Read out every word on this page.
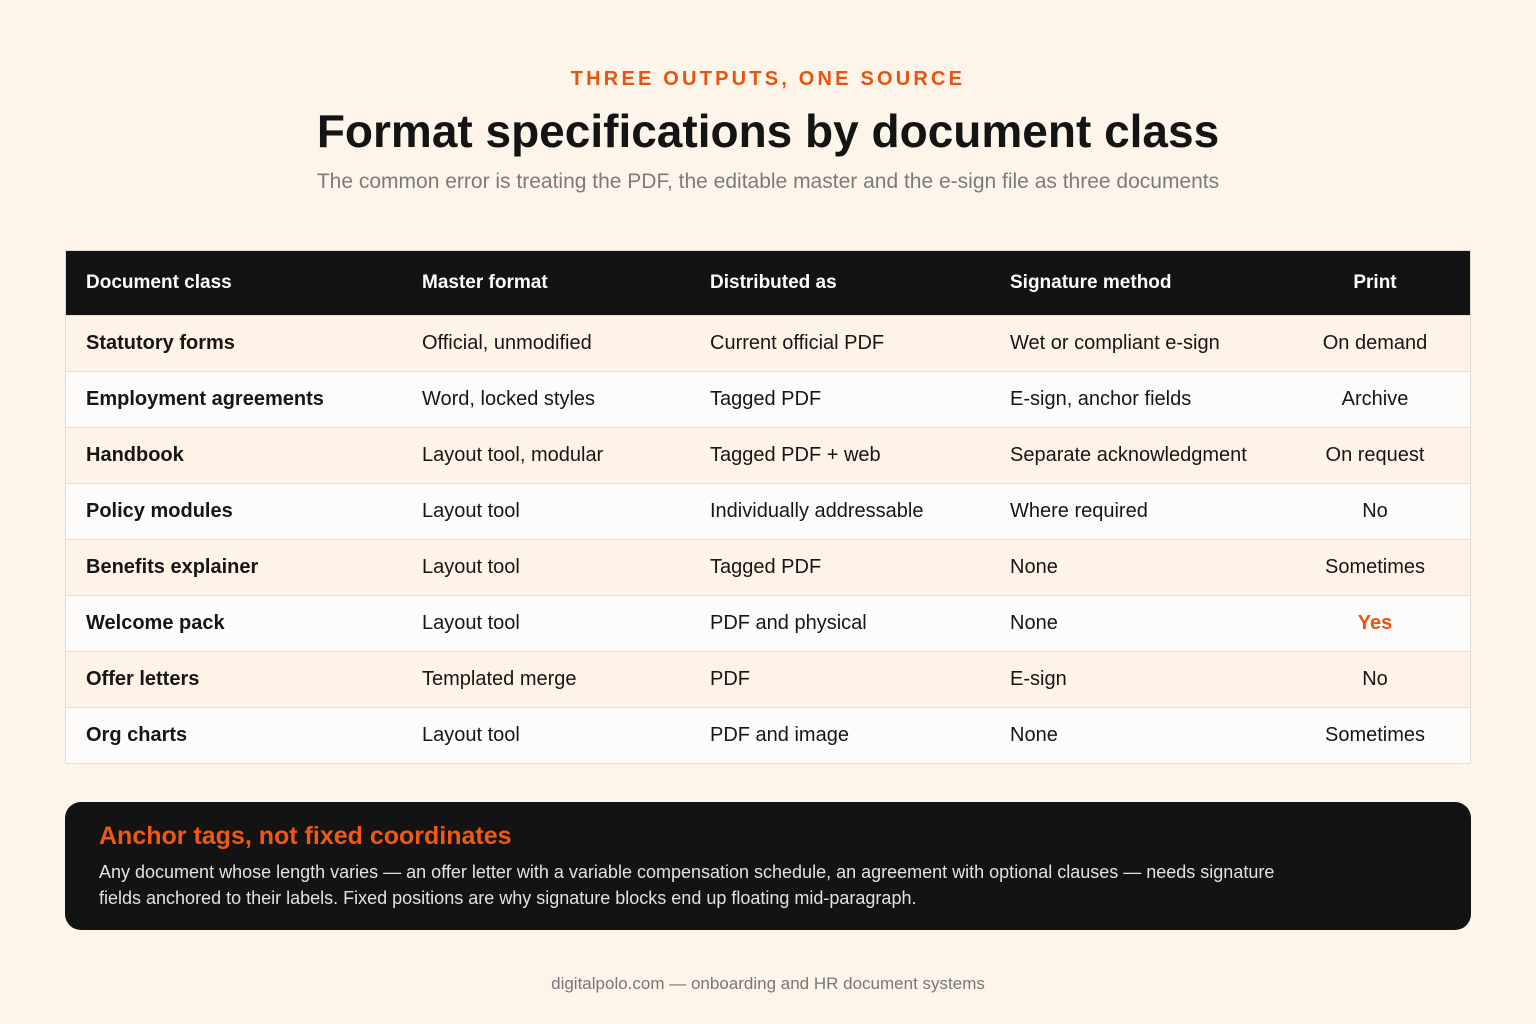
THREE OUTPUTS, ONE SOURCE
Format specifications by document class
The common error is treating the PDF, the editable master and the e-sign file as three documents
Document class	Master format	Distributed as	Signature method	Print
Statutory forms	Official, unmodified	Current official PDF	Wet or compliant e-sign	On demand
Employment agreements	Word, locked styles	Tagged PDF	E-sign, anchor fields	Archive
Handbook	Layout tool, modular	Tagged PDF + web	Separate acknowledgment	On request
Policy modules	Layout tool	Individually addressable	Where required	No
Benefits explainer	Layout tool	Tagged PDF	None	Sometimes
Welcome pack	Layout tool	PDF and physical	None	Yes
Offer letters	Templated merge	PDF	E-sign	No
Org charts	Layout tool	PDF and image	None	Sometimes
Anchor tags, not fixed coordinates
Any document whose length varies — an offer letter with a variable compensation schedule, an agreement with optional clauses — needs signature fields anchored to their labels. Fixed positions are why signature blocks end up floating mid-paragraph.
digitalpolo.com — onboarding and HR document systems
